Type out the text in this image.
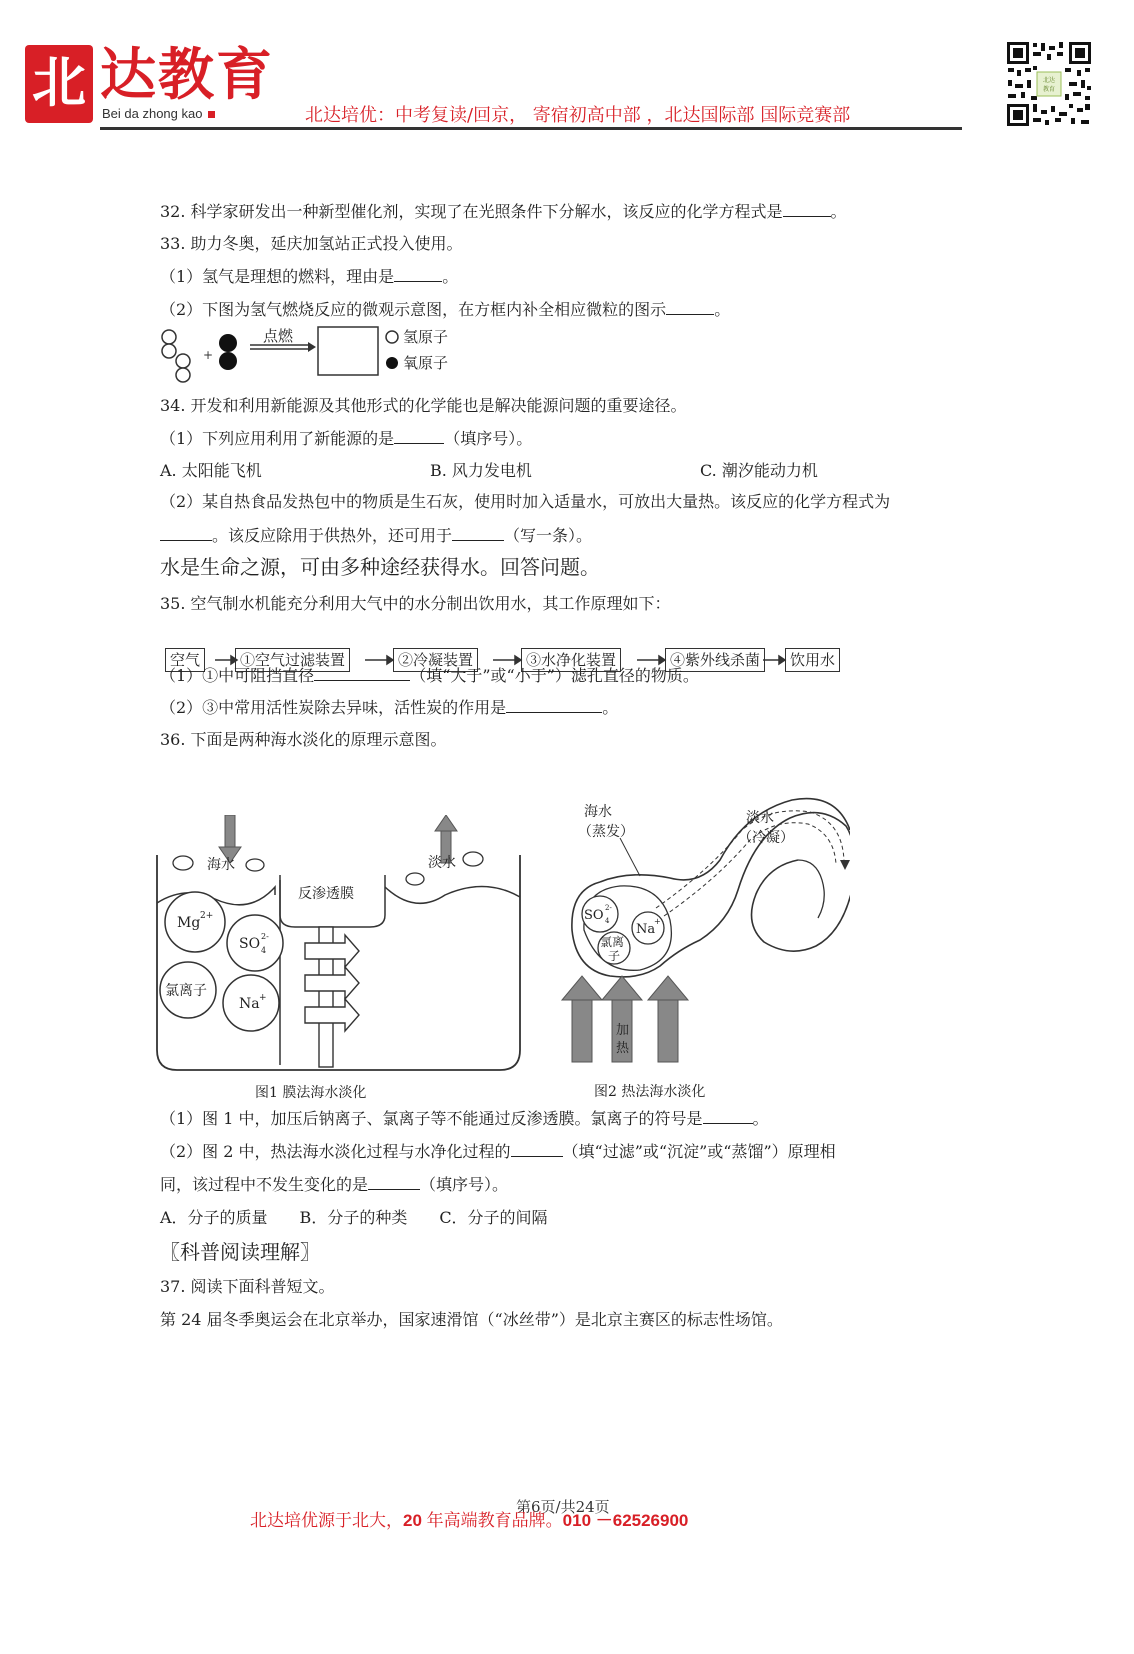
北 达教育
Bei da zhong kao	北达培优：中考复读/回京， 寄宿初高中部 ，北达国际部 国际竞赛部
北达
教育
32. 科学家研发出一种新型催化剂，实现了在光照条件下分解水，该反应的化学方程式是	。
33. 助力冬奥，延庆加氢站正式投入使用。
（1）氢气是理想的燃料，理由是	。
（2）下图为氢气燃烧反应的微观示意图，在方框内补全相应微粒的图示	。
+
点燃	氢原子
氧原子
34. 开发和利用新能源及其他形式的化学能也是解决能源问题的重要途径。
（1）下列应用利用了新能源的是	（填序号）。
A. 太阳能飞机	B. 风力发电机	C. 潮汐能动力机
（2）某自热食品发热包中的物质是生石灰，使用时加入适量水，可放出大量热。该反应的化学方程式为
。该反应除用于供热外，还可用于	（写一条）。
水是生命之源，可由多种途经获得水。回答问题。
35. 空气制水机能充分利用大气中的水分制出饮用水，其工作原理如下：
空气	①空气过滤装置	②冷凝装置	③水净化装置	④紫外线杀菌	饮用水
（1）①中可阻挡直径	（填“大于”或“小于”）滤孔直径的物质。
（2）③中常用活性炭除去异味，活性炭的作用是	。
36. 下面是两种海水淡化的原理示意图。
海水	淡水
反渗透膜
Mg 2+
SO 4
2-
氯离子
Na +
图1 膜法海水淡化
海水
（蒸发）
淡水
（冷凝）
SO 4
2-
Na
+
氯离
子
加
热
图2 热法海水淡化
（1）图 1 中，加压后钠离子、氯离子等不能通过反渗透膜。氯离子的符号是	。
（2）图 2 中，热法海水淡化过程与水净化过程的	（填“过滤”或“沉淀”或“蒸馏”）原理相
同，该过程中不发生变化的是	（填序号）。
A．分子的质量　　B．分子的种类　　C．分子的间隔
〖科普阅读理解〗
37. 阅读下面科普短文。
第 24 届冬季奥运会在北京举办，国家速滑馆（“冰丝带”）是北京主赛区的标志性场馆。
第6页/共24页
北达培优源于北大，20 年高端教育品牌。010 －62526900
